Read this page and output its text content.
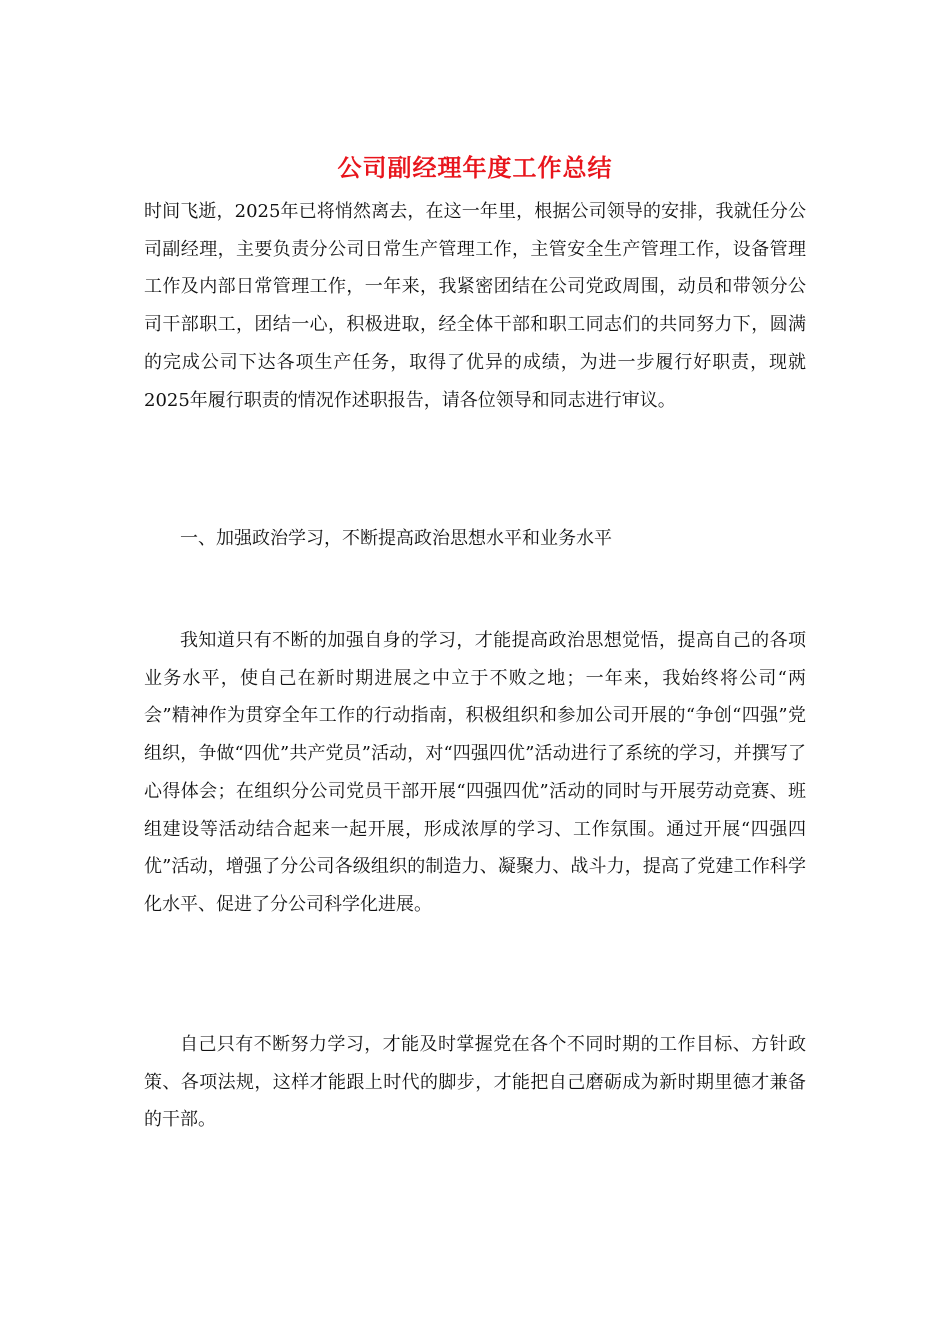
公司副经理年度工作总结

时间飞逝，2025年已将悄然离去，在这一年里，根据公司领导的安排，我就任分公司副经理，主要负责分公司日常生产管理工作，主管安全生产管理工作，设备管理工作及内部日常管理工作，一年来，我紧密团结在公司党政周围，动员和带领分公司干部职工，团结一心，积极进取，经全体干部和职工同志们的共同努力下，圆满的完成公司下达各项生产任务，取得了优异的成绩，为进一步履行好职责，现就2025年履行职责的情况作述职报告，请各位领导和同志进行审议。

一、加强政治学习，不断提高政治思想水平和业务水平

我知道只有不断的加强自身的学习，才能提高政治思想觉悟，提高自己的各项业务水平，使自己在新时期进展之中立于不败之地；一年来，我始终将公司“两会”精神作为贯穿全年工作的行动指南，积极组织和参加公司开展的“争创“四强”党组织，争做“四优”共产党员”活动，对“四强四优”活动进行了系统的学习，并撰写了心得体会；在组织分公司党员干部开展“四强四优”活动的同时与开展劳动竞赛、班组建设等活动结合起来一起开展，形成浓厚的学习、工作氛围。通过开展“四强四优”活动，增强了分公司各级组织的制造力、凝聚力、战斗力，提高了党建工作科学化水平、促进了分公司科学化进展。

自己只有不断努力学习，才能及时掌握党在各个不同时期的工作目标、方针政策、各项法规，这样才能跟上时代的脚步，才能把自己磨砺成为新时期里德才兼备的干部。
